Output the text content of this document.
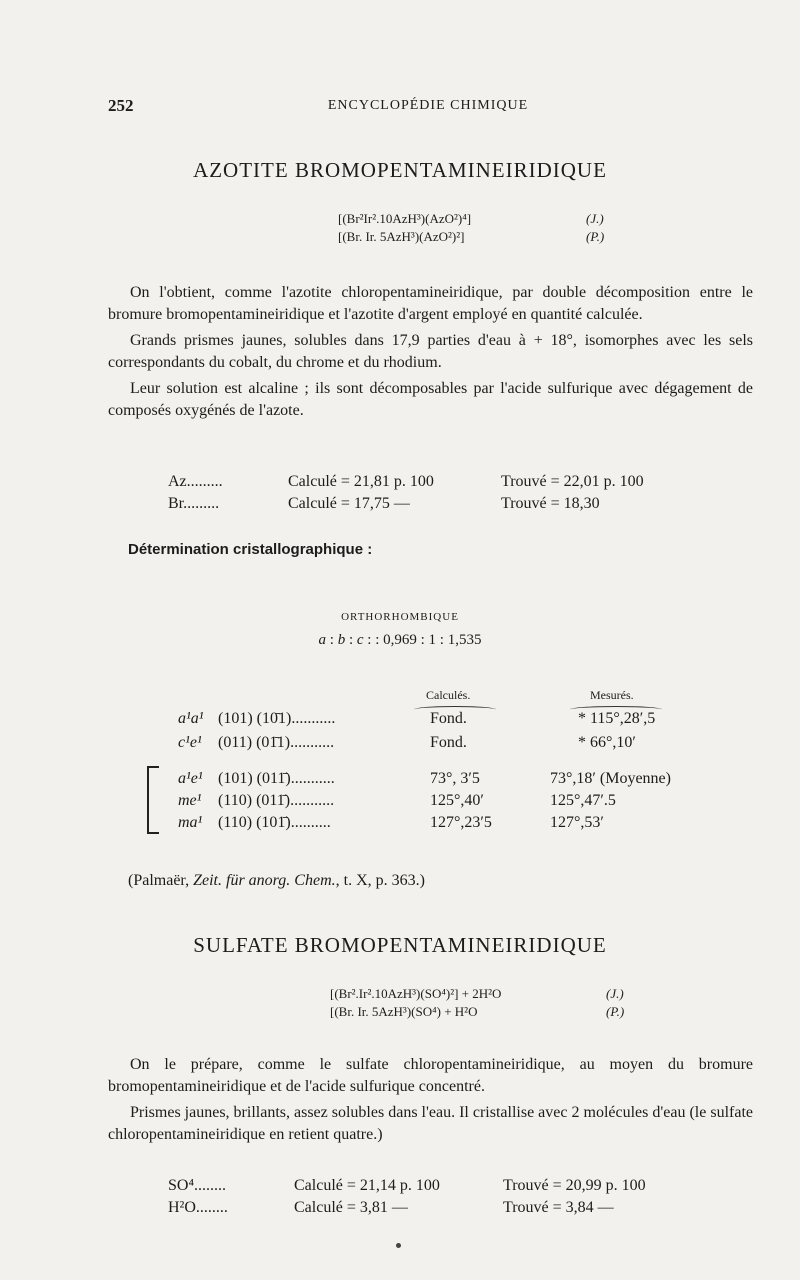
252	ENCYCLOPÉDIE CHIMIQUE
AZOTITE BROMOPENTAMINEIRIDIQUE
[(Br²Ir².10AzH³)(AzO²)⁴]	(J.)
[(Br. Ir. 5AzH³)(AzO²)²]	(P.)

On l'obtient, comme l'azotite chloropentamineiridique, par double décomposition entre le bromure bromopentamineiridique et l'azotite d'argent employé en quantité calculée.

Grands prismes jaunes, solubles dans 17,9 parties d'eau à + 18°, isomorphes avec les sels correspondants du cobalt, du chrome et du rhodium.

Leur solution est alcaline ; ils sont décomposables par l'acide sulfurique avec dégagement de composés oxygénés de l'azote.

Az.........	Calculé = 21,81 p. 100	Trouvé = 22,01 p. 100
Br.........	Calculé = 17,75 —	Trouvé = 18,30
Détermination cristallographique :
ORTHORHOMBIQUE
a : b : c : : 0,969 : 1 : 1,535
Calculés.	Mesurés.
a¹a¹ (101) (10̄1)...........	Fond.	* 115°,28′,5
c¹e¹ (011) (01̄1)...........	Fond.	* 66°,10′
a¹e¹ (101) (011̄)...........	73°, 3′5	73°,18′ (Moyenne)
me¹ (110) (011̄)...........	125°,40′	125°,47′.5
ma¹ (110) (101̄)..........	127°,23′5	127°,53′
(Palmaër, Zeit. für anorg. Chem., t. X, p. 363.)
SULFATE BROMOPENTAMINEIRIDIQUE
[(Br².Ir².10AzH³)(SO⁴)²] + 2H²O	(J.)
[(Br. Ir. 5AzH³)(SO⁴) + H²O	(P.)

On le prépare, comme le sulfate chloropentamineiridique, au moyen du bromure bromopentamineiridique et de l'acide sulfurique concentré.

Prismes jaunes, brillants, assez solubles dans l'eau. Il cristallise avec 2 molécules d'eau (le sulfate chloropentamineiridique en retient quatre.)

SO⁴........	Calculé = 21,14 p. 100	Trouvé = 20,99 p. 100
H²O........	Calculé = 3,81 —	Trouvé = 3,84 —
